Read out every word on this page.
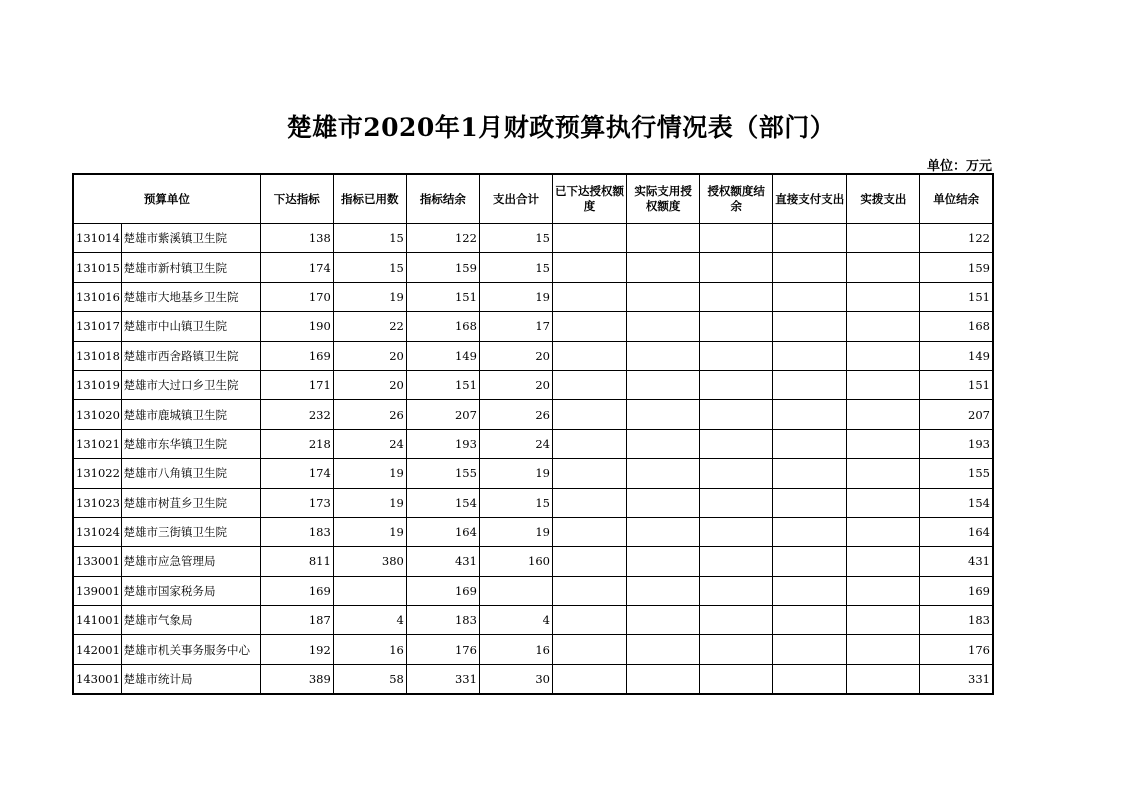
楚雄市2020年1月财政预算执行情况表（部门）
单位：万元
预算单位		下达指标	指标已用数	指标结余	支出合计	已下达授权额度	实际支用授权额度	授权额度结余	直接支付支出	实拨支出	单位结余
131014	楚雄市紫溪镇卫生院	138	15	122	15						122
131015	楚雄市新村镇卫生院	174	15	159	15						159
131016	楚雄市大地基乡卫生院	170	19	151	19						151
131017	楚雄市中山镇卫生院	190	22	168	17						168
131018	楚雄市西舍路镇卫生院	169	20	149	20						149
131019	楚雄市大过口乡卫生院	171	20	151	20						151
131020	楚雄市鹿城镇卫生院	232	26	207	26						207
131021	楚雄市东华镇卫生院	218	24	193	24						193
131022	楚雄市八角镇卫生院	174	19	155	19						155
131023	楚雄市树苴乡卫生院	173	19	154	15						154
131024	楚雄市三街镇卫生院	183	19	164	19						164
133001	楚雄市应急管理局	811	380	431	160						431
139001	楚雄市国家税务局	169		169							169
141001	楚雄市气象局	187	4	183	4						183
142001	楚雄市机关事务服务中心	192	16	176	16						176
143001	楚雄市统计局	389	58	331	30						331
